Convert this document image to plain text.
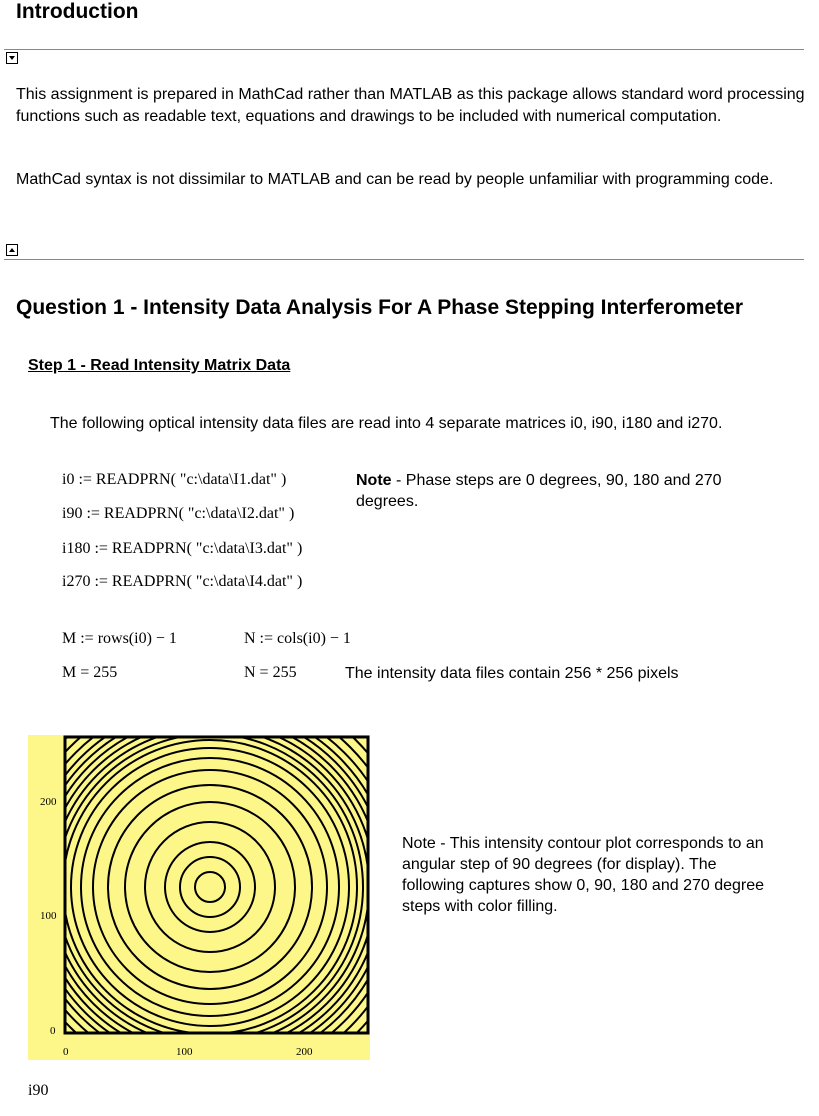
Introduction
This assignment is prepared in MathCad rather than MATLAB as this package allows standard word processing functions such as readable text, equations and drawings to be included with numerical computation.
MathCad syntax is not dissimilar to MATLAB and can be read by people unfamiliar with programming code.
Question 1 - Intensity Data Analysis For A Phase Stepping Interferometer
Step 1 - Read Intensity Matrix Data
The following optical intensity data files are read into 4 separate matrices i0, i90, i180 and i270.
i0 := READPRN( "c:\data\I1.dat" )
i90 := READPRN( "c:\data\I2.dat" )
i180 := READPRN( "c:\data\I3.dat" )
i270 := READPRN( "c:\data\I4.dat" )
Note - Phase steps are 0 degrees, 90, 180 and 270 degrees.
M := rows(i0) − 1	N := cols(i0) − 1
M = 255	N = 255	The intensity data files contain 256 * 256 pixels
200
100
0
0	100	200
Note - This intensity contour plot corresponds to an angular step of 90 degrees (for display). The following captures show 0, 90, 180 and 270 degree steps with color filling.
i90
